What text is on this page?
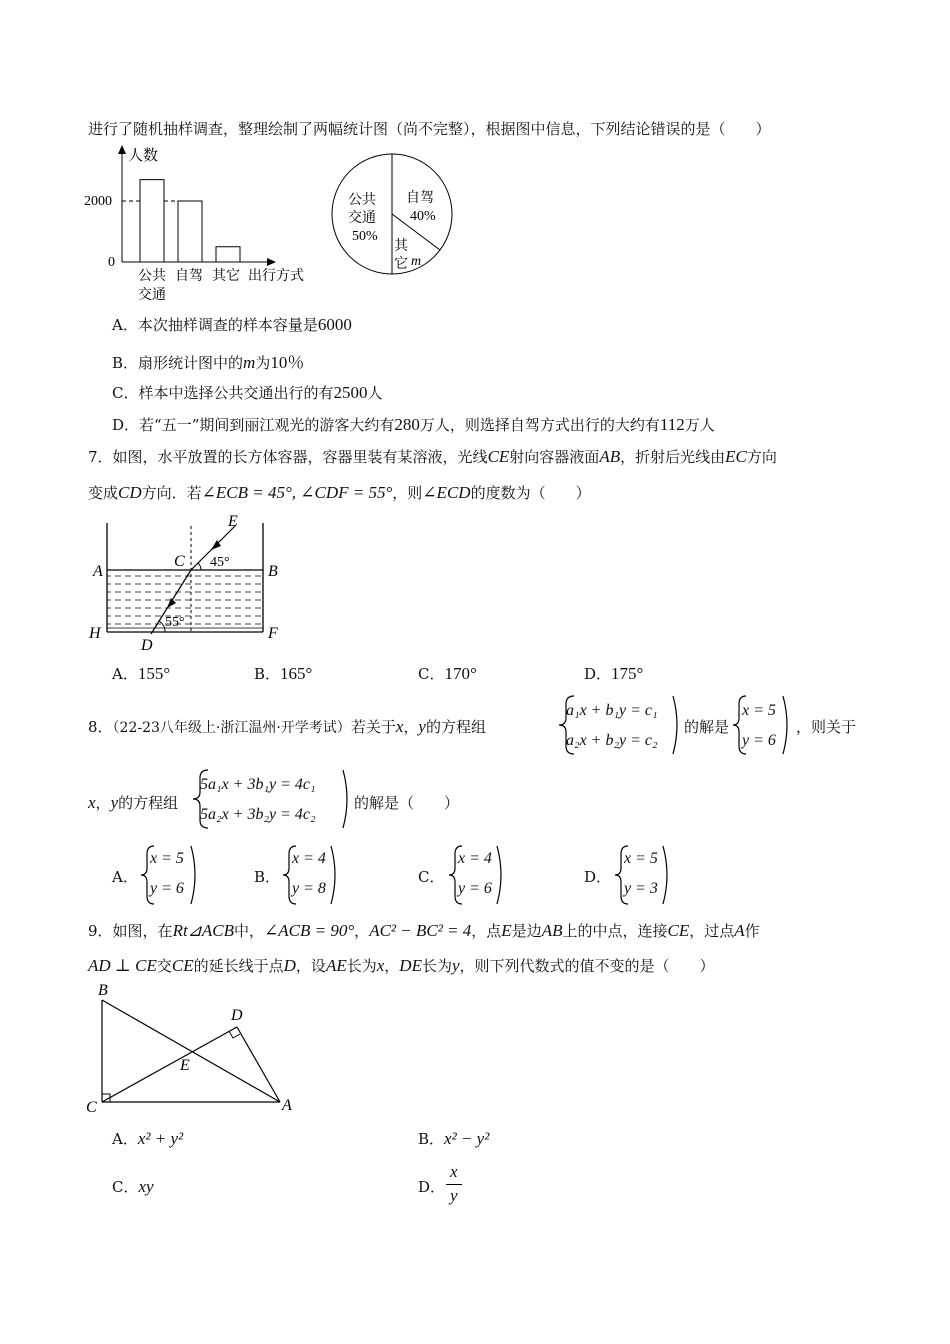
进行了随机抽样调查，整理绘制了两幅统计图（尚不完整），根据图中信息，下列结论错误的是（　　）
人数
2000
0
公共
交通
自驾 其它 出行方式
公共
交通
50%
自驾
40%
其
它 m
A．本次抽样调查的样本容量是6000
B．扇形统计图中的m为10％
C．样本中选择公共交通出行的有2500人
D．若“五一”期间到丽江观光的游客大约有280万人，则选择自驾方式出行的大约有112万人
7．如图，水平放置的长方体容器，容器里装有某溶液，光线CE射向容器液面AB，折射后光线由EC方向
变成CD方向．若∠ECB = 45°, ∠CDF = 55°，则∠ECD的度数为（　　）
E
C
A	B
H	F
D
45°
55°
A．155°	B．165°	C．170°	D．175°
8．（22-23八年级上·浙江温州·开学考试）若关于x，y的方程组
a₁x + b₁y = c₁
a₂x + b₂y = c₂
的解是
x = 5
y = 6
，则关于
x，y的方程组
5a₁x + 3b₁y = 4c₁
5a₂x + 3b₂y = 4c₂
的解是（　　）
A．
x = 5
y = 6
B．
x = 4
y = 8
C．
x = 4
y = 6
D．
x = 5
y = 3
9．如图，在Rt⊿ACB中，∠ACB = 90°，AC² − BC² = 4，点E是边AB上的中点，连接CE，过点A作
AD ⊥ CE交CE的延长线于点D，设AE长为x，DE长为y，则下列代数式的值不变的是（　　）
B
D
E
C	A
A．x² + y²	B．x² − y²
C．xy	D．
x
y
